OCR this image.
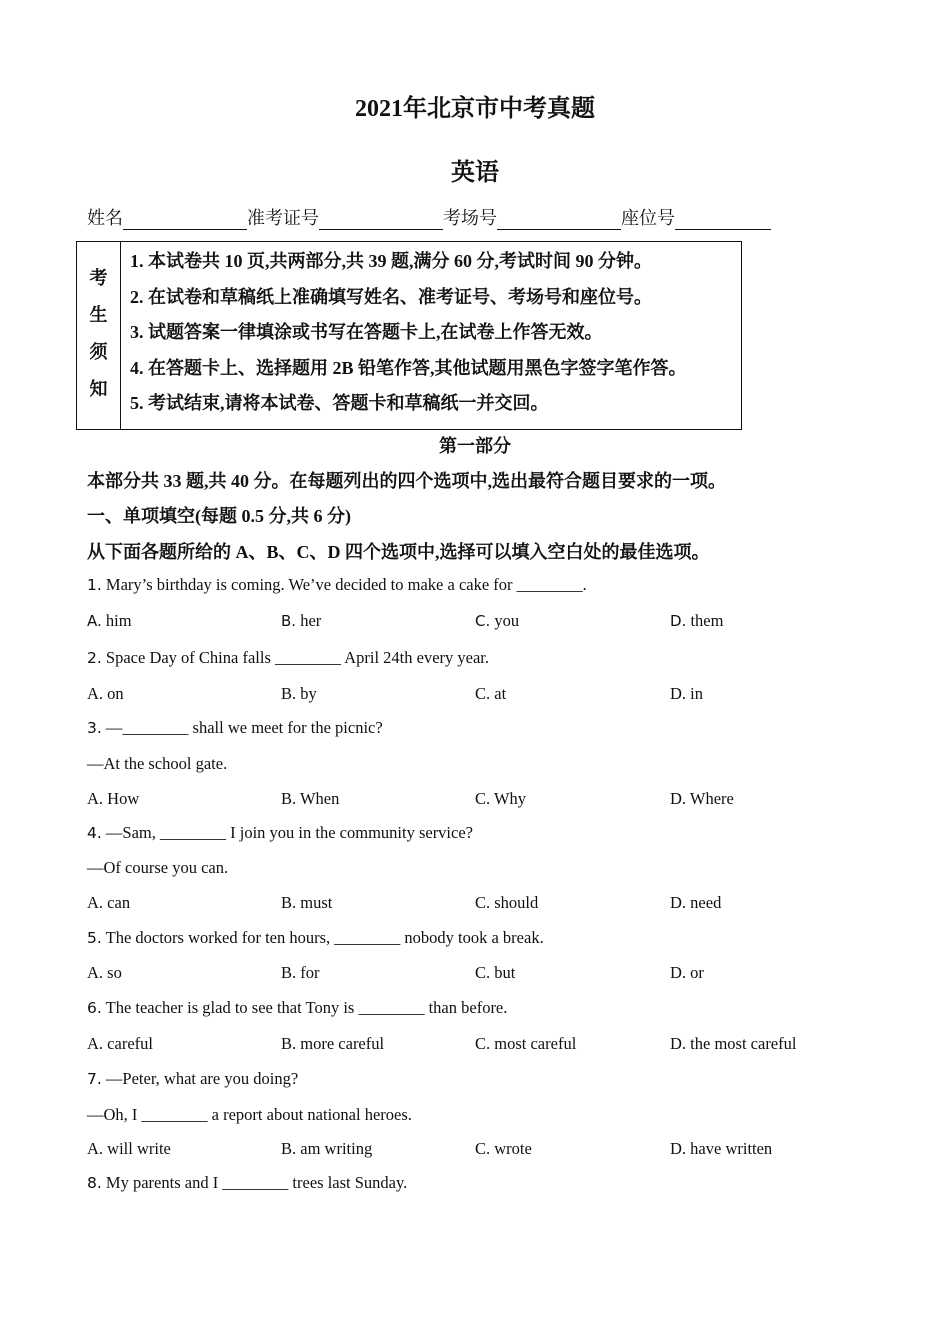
2021年北京市中考真题
英语
姓名	准考证号	考场号	座位号
考
生
须
知
1. 本试卷共 10 页,共两部分,共 39 题,满分 60 分,考试时间 90 分钟。
2. 在试卷和草稿纸上准确填写姓名、准考证号、考场号和座位号。
3. 试题答案一律填涂或书写在答题卡上,在试卷上作答无效。
4. 在答题卡上、选择题用 2B 铅笔作答,其他试题用黑色字签字笔作答。
5. 考试结束,请将本试卷、答题卡和草稿纸一并交回。
第一部分
本部分共 33 题,共 40 分。在每题列出的四个选项中,选出最符合题目要求的一项。
一、单项填空(每题 0.5 分,共 6 分)
从下面各题所给的 A、B、C、D 四个选项中,选择可以填入空白处的最佳选项。
1. Mary’s birthday is coming. We’ve decided to make a cake for ________.
A. him	B. her	C. you	D. them
2. Space Day of China falls ________ April 24th every year.
A. on	B. by	C. at	D. in
3. —________ shall we meet for the picnic?
—At the school gate.
A. How	B. When	C. Why	D. Where
4. —Sam, ________ I join you in the community service?
—Of course you can.
A. can	B. must	C. should	D. need
5. The doctors worked for ten hours, ________ nobody took a break.
A. so	B. for	C. but	D. or
6. The teacher is glad to see that Tony is ________ than before.
A. careful	B. more careful	C. most careful	D. the most careful
7. —Peter, what are you doing?
—Oh, I ________ a report about national heroes.
A. will write	B. am writing	C. wrote	D. have written
8. My parents and I ________ trees last Sunday.
